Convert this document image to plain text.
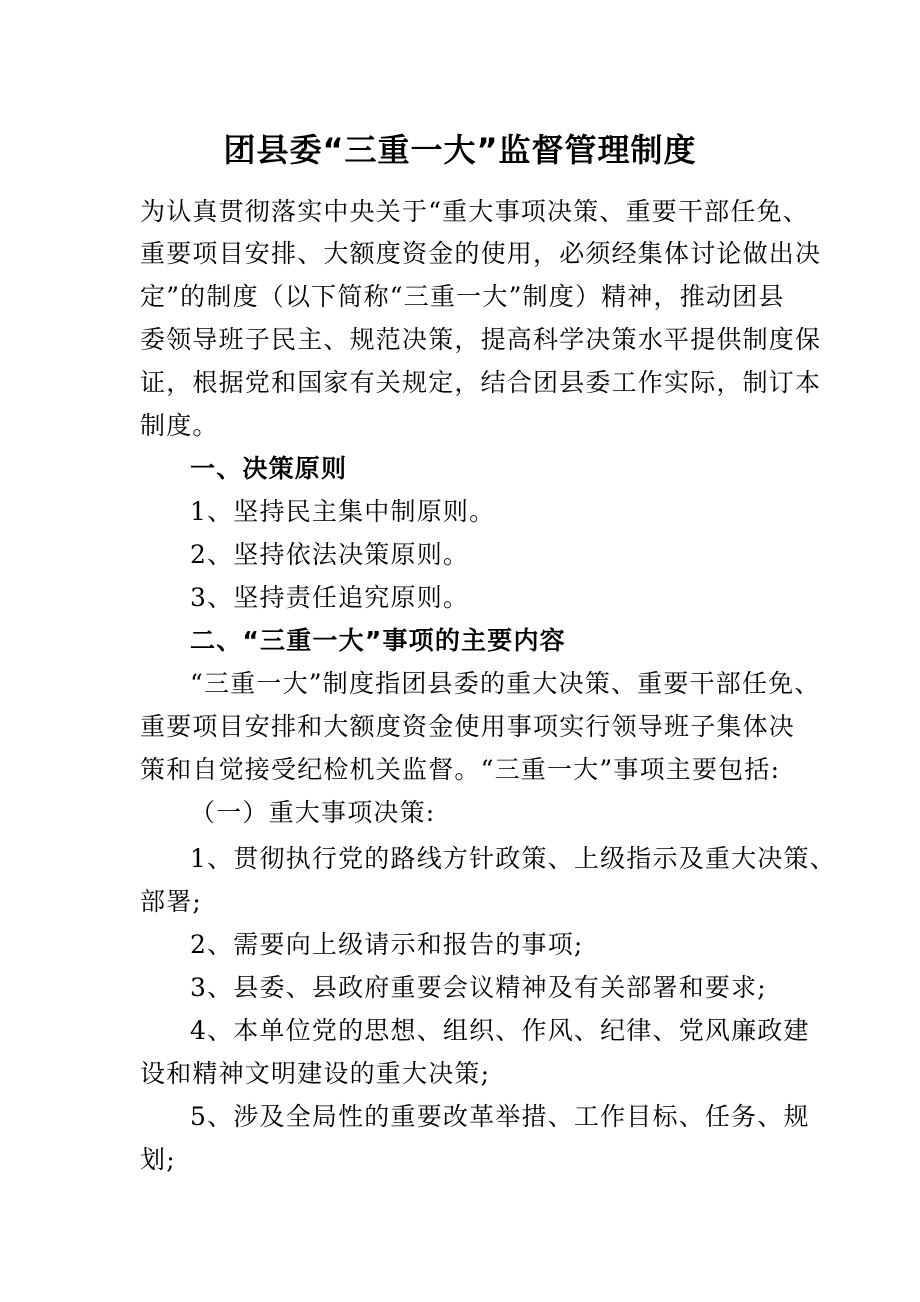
团县委“三重一大”监督管理制度
为认真贯彻落实中央关于“重大事项决策、重要干部任免、
重要项目安排、大额度资金的使用，必须经集体讨论做出决
定”的制度（以下简称“三重一大”制度）精神，推动团县
委领导班子民主、规范决策，提高科学决策水平提供制度保
证，根据党和国家有关规定，结合团县委工作实际，制订本
制度。
一、决策原则
1、坚持民主集中制原则。
2、坚持依法决策原则。
3、坚持责任追究原则。
二、“三重一大”事项的主要内容
“三重一大”制度指团县委的重大决策、重要干部任免、
重要项目安排和大额度资金使用事项实行领导班子集体决
策和自觉接受纪检机关监督。“三重一大”事项主要包括:
（一）重大事项决策:
1、贯彻执行党的路线方针政策、上级指示及重大决策、
部署;
2、需要向上级请示和报告的事项;
3、县委、县政府重要会议精神及有关部署和要求;
4、本单位党的思想、组织、作风、纪律、党风廉政建
设和精神文明建设的重大决策;
5、涉及全局性的重要改革举措、工作目标、任务、规
划;
